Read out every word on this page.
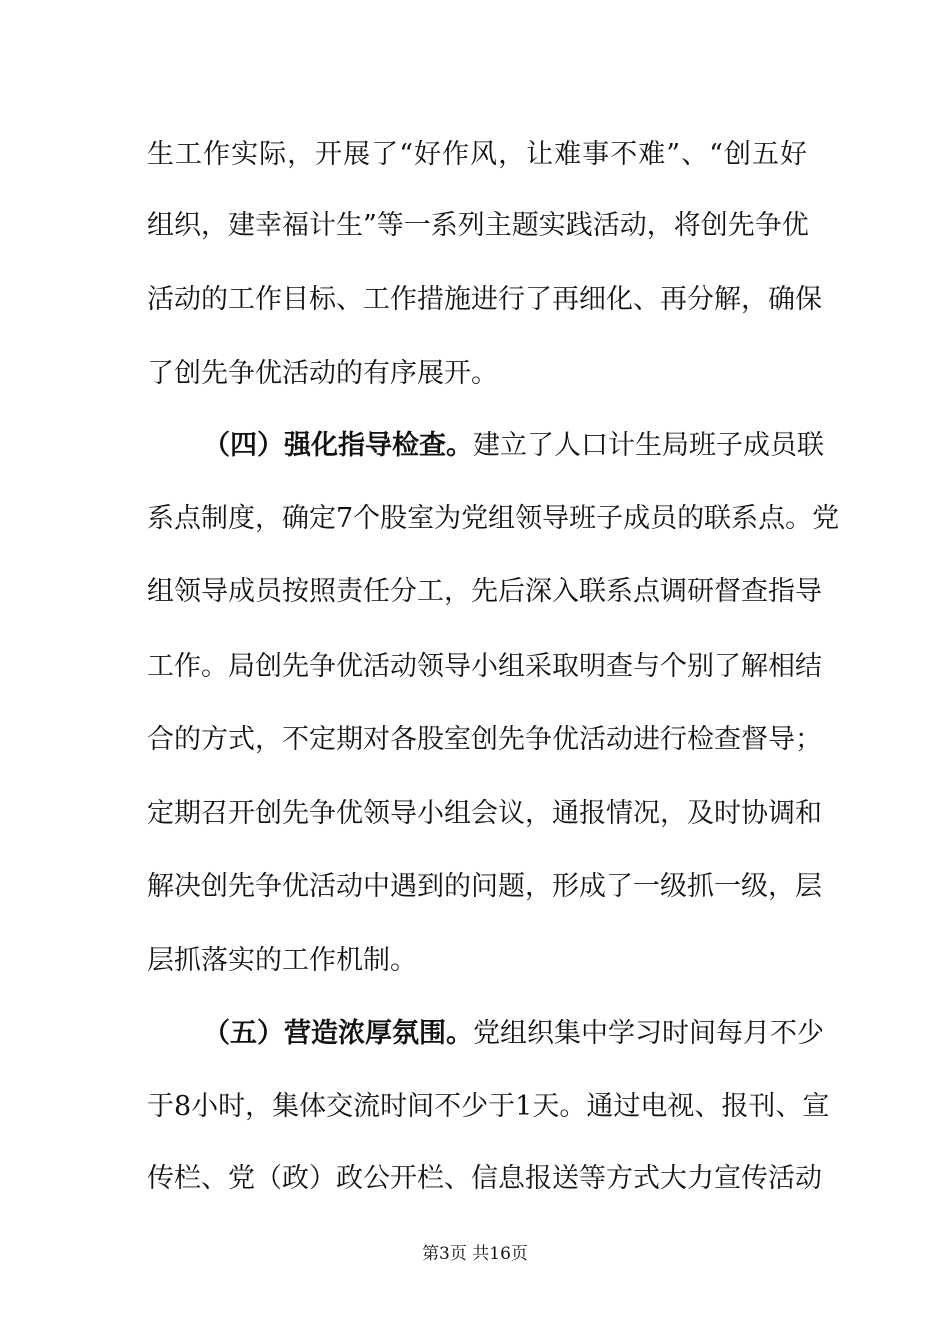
生工作实际，开展了“好作风，让难事不难”、“创五好
组织，建幸福计生”等一系列主题实践活动，将创先争优
活动的工作目标、工作措施进行了再细化、再分解，确保
了创先争优活动的有序展开。
（四）强化指导检查。建立了人口计生局班子成员联
系点制度，确定7个股室为党组领导班子成员的联系点。党
组领导成员按照责任分工，先后深入联系点调研督查指导
工作。局创先争优活动领导小组采取明查与个别了解相结
合的方式，不定期对各股室创先争优活动进行检查督导；
定期召开创先争优领导小组会议，通报情况，及时协调和
解决创先争优活动中遇到的问题，形成了一级抓一级，层
层抓落实的工作机制。
（五）营造浓厚氛围。党组织集中学习时间每月不少
于8小时，集体交流时间不少于1天。通过电视、报刊、宣
传栏、党（政）政公开栏、信息报送等方式大力宣传活动
第3页 共16页
